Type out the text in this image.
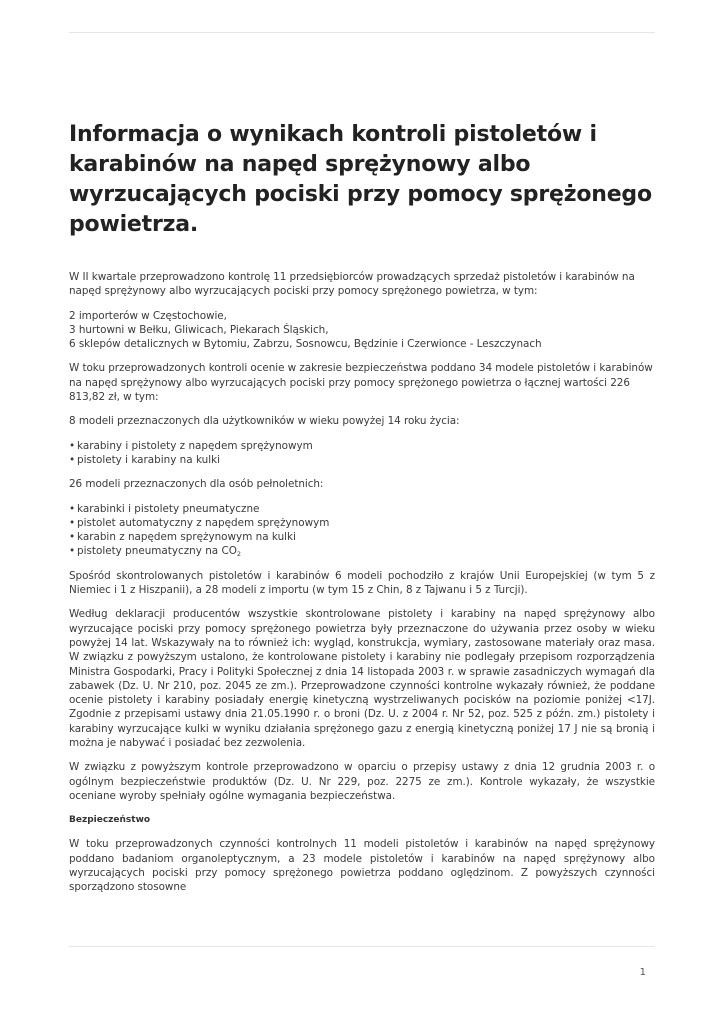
Informacja o wynikach kontroli pistoletów i karabinów na napęd sprężynowy albo wyrzucających pociski przy pomocy sprężonego powietrza.

W II kwartale przeprowadzono kontrolę 11 przedsiębiorców prowadzących sprzedaż pistoletów i karabinów na napęd sprężynowy albo wyrzucających pociski przy pomocy sprężonego powietrza, w tym:

2 importerów w Częstochowie,
3 hurtowni w Bełku, Gliwicach, Piekarach Śląskich,
6 sklepów detalicznych w Bytomiu, Zabrzu, Sosnowcu, Będzinie i Czerwionce - Leszczynach

W toku przeprowadzonych kontroli ocenie w zakresie bezpieczeństwa poddano 34 modele pistoletów i karabinów na napęd sprężynowy albo wyrzucających pociski przy pomocy sprężonego powietrza o łącznej wartości 226 813,82 zł, w tym:

8 modeli przeznaczonych dla użytkowników w wieku powyżej 14 roku życia:

• karabiny i pistolety z napędem sprężynowym
• pistolety i karabiny na kulki

26 modeli przeznaczonych dla osób pełnoletnich:

• karabinki i pistolety pneumatyczne
• pistolet automatyczny z napędem sprężynowym
• karabin z napędem sprężynowym na kulki
• pistolety pneumatyczny na $CO_2$

Spośród skontrolowanych pistoletów i karabinów 6 modeli pochodziło z krajów Unii Europejskiej (w tym 5 z Niemiec i 1 z Hiszpanii), a 28 modeli z importu (w tym 15 z Chin, 8 z Tajwanu i 5 z Turcji).

Według deklaracji producentów wszystkie skontrolowane pistolety i karabiny na napęd sprężynowy albo wyrzucające pociski przy pomocy sprężonego powietrza były przeznaczone do używania przez osoby w wieku powyżej 14 lat. Wskazywały na to również ich: wygląd, konstrukcja, wymiary, zastosowane materiały oraz masa. W związku z powyższym ustalono, że kontrolowane pistolety i karabiny nie podlegały przepisom rozporządzenia Ministra Gospodarki, Pracy i Polityki Społecznej z dnia 14 listopada 2003 r. w sprawie zasadniczych wymagań dla zabawek (Dz. U. Nr 210, poz. 2045 ze zm.). Przeprowadzone czynności kontrolne wykazały również, że poddane ocenie pistolety i karabiny posiadały energię kinetyczną wystrzeliwanych pocisków na poziomie poniżej <17J. Zgodnie z przepisami ustawy dnia 21.05.1990 r. o broni (Dz. U. z 2004 r. Nr 52, poz. 525 z późn. zm.) pistolety i karabiny wyrzucające kulki w wyniku działania sprężonego gazu z energią kinetyczną poniżej 17 J nie są bronią i można je nabywać i posiadać bez zezwolenia.

W związku z powyższym kontrole przeprowadzono w oparciu o przepisy ustawy z dnia 12 grudnia 2003 r. o ogólnym bezpieczeństwie produktów (Dz. U. Nr 229, poz. 2275 ze zm.). Kontrole wykazały, że wszystkie oceniane wyroby spełniały ogólne wymagania bezpieczeństwa.

Bezpieczeństwo

W toku przeprowadzonych czynności kontrolnych 11 modeli pistoletów i karabinów na napęd sprężynowy poddano badaniom organoleptycznym, a 23 modele pistoletów i karabinów na napęd sprężynowy albo wyrzucających pociski przy pomocy sprężonego powietrza poddano oględzinom. Z powyższych czynności sporządzono stosowne

1
